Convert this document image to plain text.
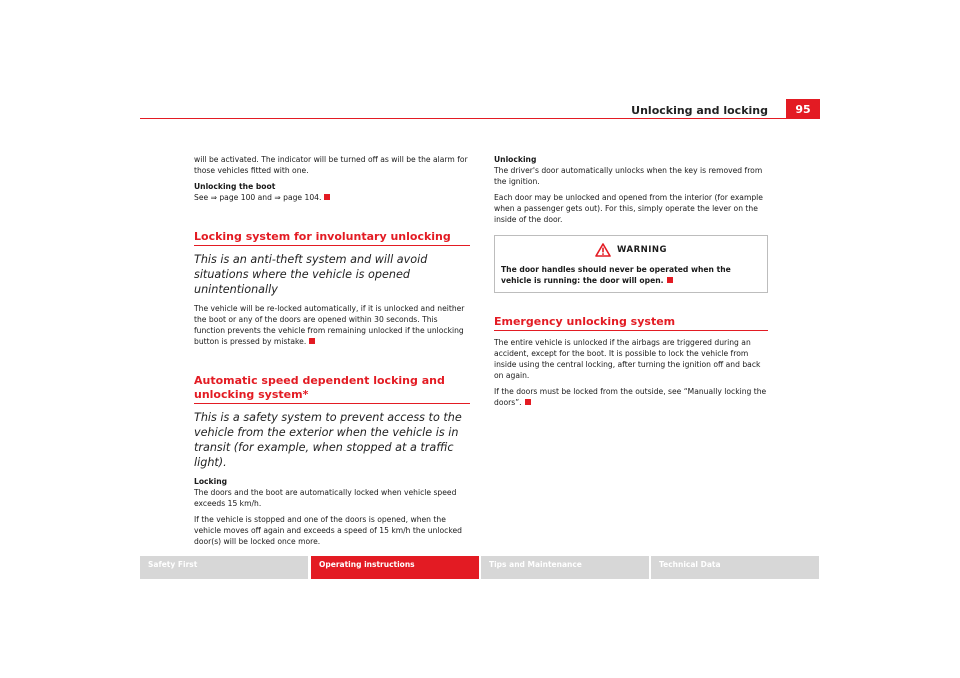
Unlocking and locking	95

will be activated. The indicator will be turned off as will be the alarm for those vehicles fitted with one.

Unlocking the boot

See ⇒ page 100 and ⇒ page 104.

Locking system for involuntary unlocking
This is an anti-theft system and will avoid situations where the vehicle is opened unintentionally

The vehicle will be re-locked automatically, if it is unlocked and neither the boot or any of the doors are opened within 30 seconds. This function prevents the vehicle from remaining unlocked if the unlocking button is pressed by mistake.

Automatic speed dependent locking and unlocking system*
This is a safety system to prevent access to the vehicle from the exterior when the vehicle is in transit (for example, when stopped at a traffic light).

Locking

The doors and the boot are automatically locked when vehicle speed exceeds 15 km/h.

If the vehicle is stopped and one of the doors is opened, when the vehicle moves off again and exceeds a speed of 15 km/h the unlocked door(s) will be locked once more.

Unlocking

The driver's door automatically unlocks when the key is removed from the ignition.

Each door may be unlocked and opened from the interior (for example when a passenger gets out). For this, simply operate the lever on the inside of the door.

WARNING
The door handles should never be operated when the vehicle is running: the door will open.
Emergency unlocking system

The entire vehicle is unlocked if the airbags are triggered during an accident, except for the boot. It is possible to lock the vehicle from inside using the central locking, after turning the ignition off and back on again.

If the doors must be locked from the outside, see “Manually locking the doors”.

Safety First	Operating instructions	Tips and Maintenance	Technical Data
